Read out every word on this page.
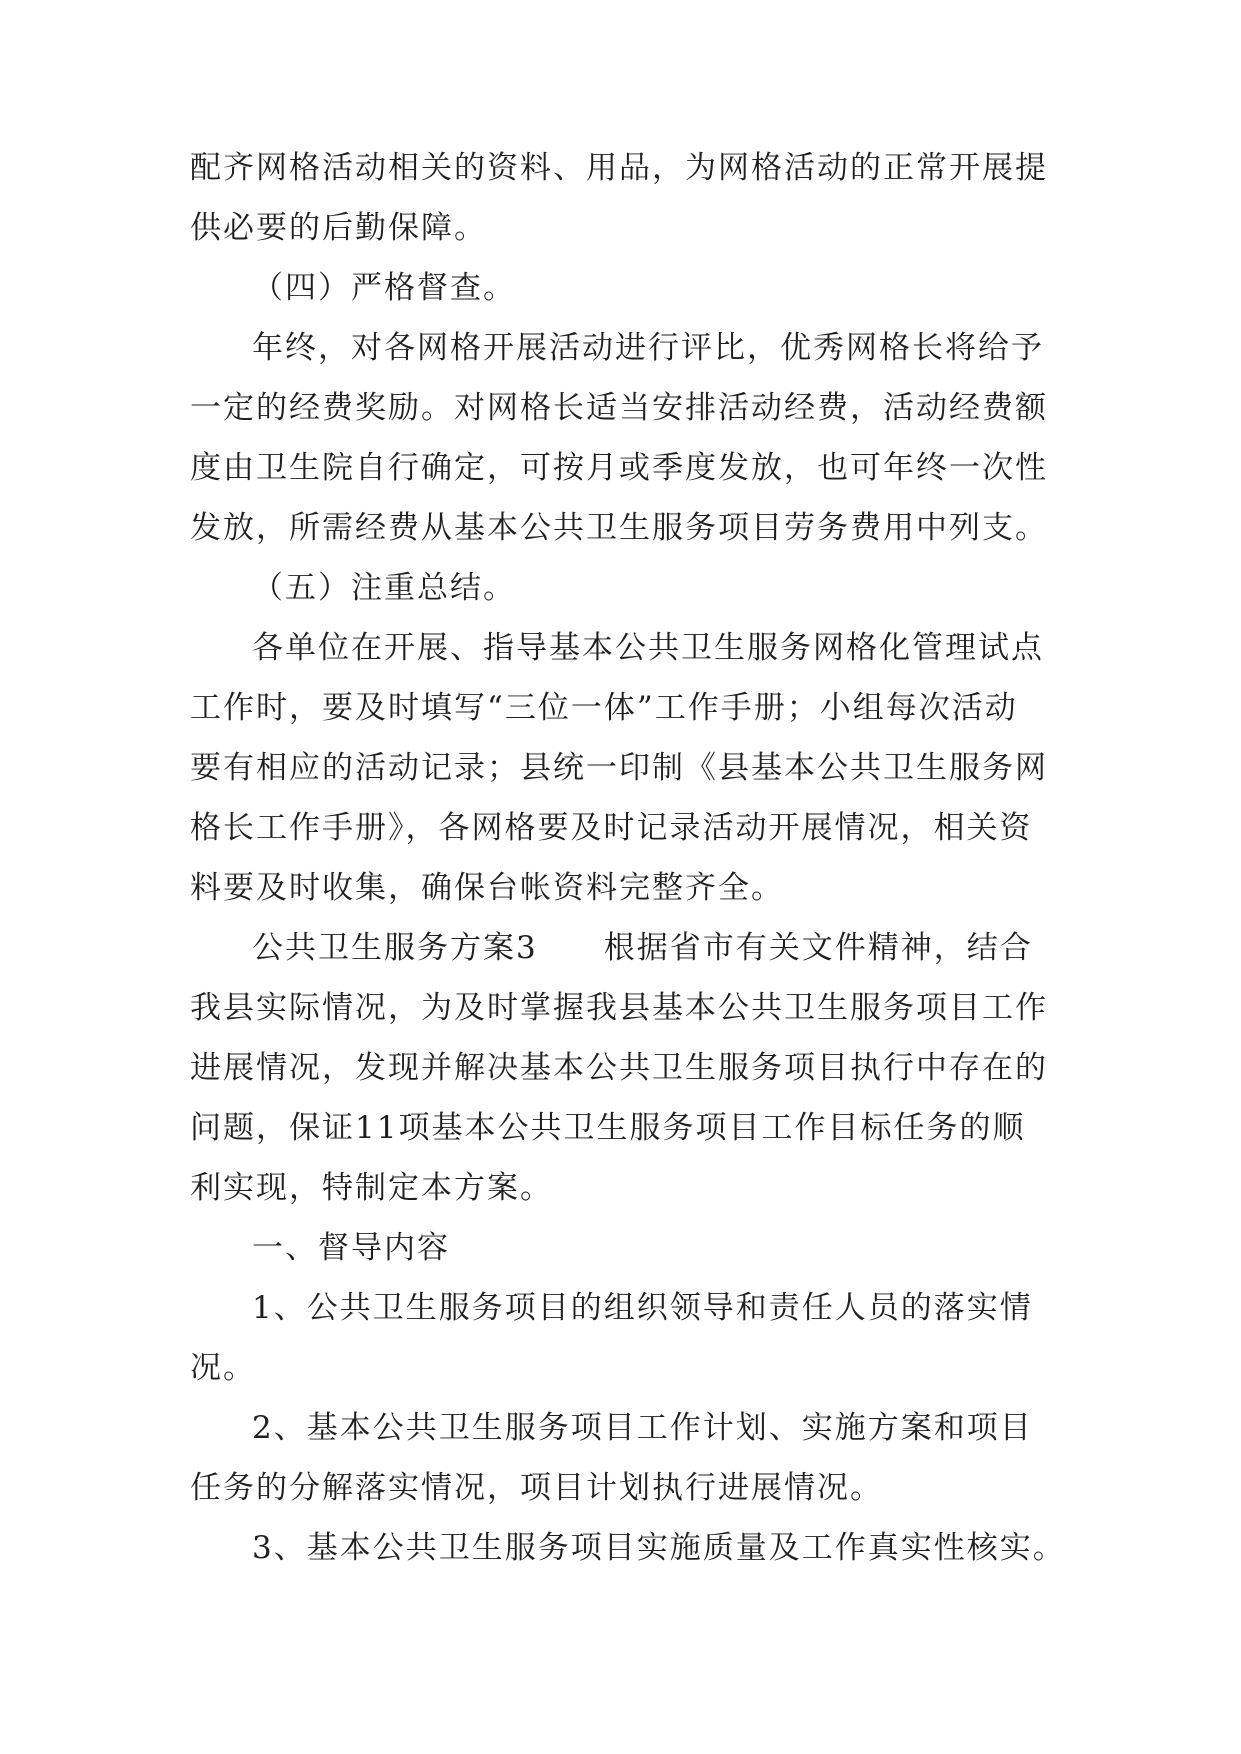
配齐网格活动相关的资料、用品，为网格活动的正常开展提
供必要的后勤保障。
（四）严格督查。
年终，对各网格开展活动进行评比，优秀网格长将给予
一定的经费奖励。对网格长适当安排活动经费，活动经费额
度由卫生院自行确定，可按月或季度发放，也可年终一次性
发放，所需经费从基本公共卫生服务项目劳务费用中列支。
（五）注重总结。
各单位在开展、指导基本公共卫生服务网格化管理试点
工作时，要及时填写“三位一体”工作手册；小组每次活动
要有相应的活动记录；县统一印制《县基本公共卫生服务网
格长工作手册》，各网格要及时记录活动开展情况，相关资
料要及时收集，确保台帐资料完整齐全。
公共卫生服务方案3　　根据省市有关文件精神，结合
我县实际情况，为及时掌握我县基本公共卫生服务项目工作
进展情况，发现并解决基本公共卫生服务项目执行中存在的
问题，保证11项基本公共卫生服务项目工作目标任务的顺
利实现，特制定本方案。
一、督导内容
1、公共卫生服务项目的组织领导和责任人员的落实情
况。
2、基本公共卫生服务项目工作计划、实施方案和项目
任务的分解落实情况，项目计划执行进展情况。
3、基本公共卫生服务项目实施质量及工作真实性核实。
